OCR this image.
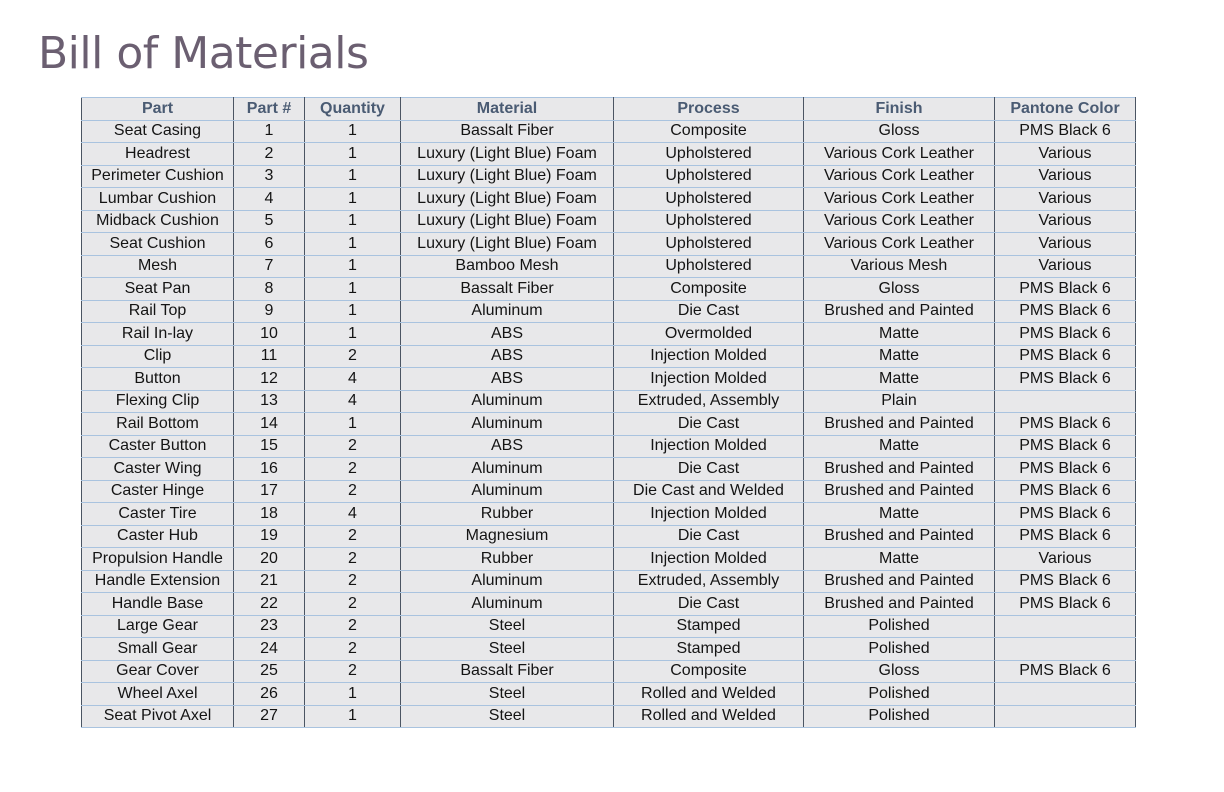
Bill of Materials
Part	Part #	Quantity	Material	Process	Finish	Pantone Color
Seat Casing	1	1	Bassalt Fiber	Composite	Gloss	PMS Black 6
Headrest	2	1	Luxury (Light Blue) Foam	Upholstered	Various Cork Leather	Various
Perimeter Cushion	3	1	Luxury (Light Blue) Foam	Upholstered	Various Cork Leather	Various
Lumbar Cushion	4	1	Luxury (Light Blue) Foam	Upholstered	Various Cork Leather	Various
Midback Cushion	5	1	Luxury (Light Blue) Foam	Upholstered	Various Cork Leather	Various
Seat Cushion	6	1	Luxury (Light Blue) Foam	Upholstered	Various Cork Leather	Various
Mesh	7	1	Bamboo Mesh	Upholstered	Various Mesh	Various
Seat Pan	8	1	Bassalt Fiber	Composite	Gloss	PMS Black 6
Rail Top	9	1	Aluminum	Die Cast	Brushed and Painted	PMS Black 6
Rail In-lay	10	1	ABS	Overmolded	Matte	PMS Black 6
Clip	11	2	ABS	Injection Molded	Matte	PMS Black 6
Button	12	4	ABS	Injection Molded	Matte	PMS Black 6
Flexing Clip	13	4	Aluminum	Extruded, Assembly	Plain	
Rail Bottom	14	1	Aluminum	Die Cast	Brushed and Painted	PMS Black 6
Caster Button	15	2	ABS	Injection Molded	Matte	PMS Black 6
Caster Wing	16	2	Aluminum	Die Cast	Brushed and Painted	PMS Black 6
Caster Hinge	17	2	Aluminum	Die Cast and Welded	Brushed and Painted	PMS Black 6
Caster Tire	18	4	Rubber	Injection Molded	Matte	PMS Black 6
Caster Hub	19	2	Magnesium	Die Cast	Brushed and Painted	PMS Black 6
Propulsion Handle	20	2	Rubber	Injection Molded	Matte	Various
Handle Extension	21	2	Aluminum	Extruded, Assembly	Brushed and Painted	PMS Black 6
Handle Base	22	2	Aluminum	Die Cast	Brushed and Painted	PMS Black 6
Large Gear	23	2	Steel	Stamped	Polished	
Small Gear	24	2	Steel	Stamped	Polished	
Gear Cover	25	2	Bassalt Fiber	Composite	Gloss	PMS Black 6
Wheel Axel	26	1	Steel	Rolled and Welded	Polished	
Seat Pivot Axel	27	1	Steel	Rolled and Welded	Polished	
